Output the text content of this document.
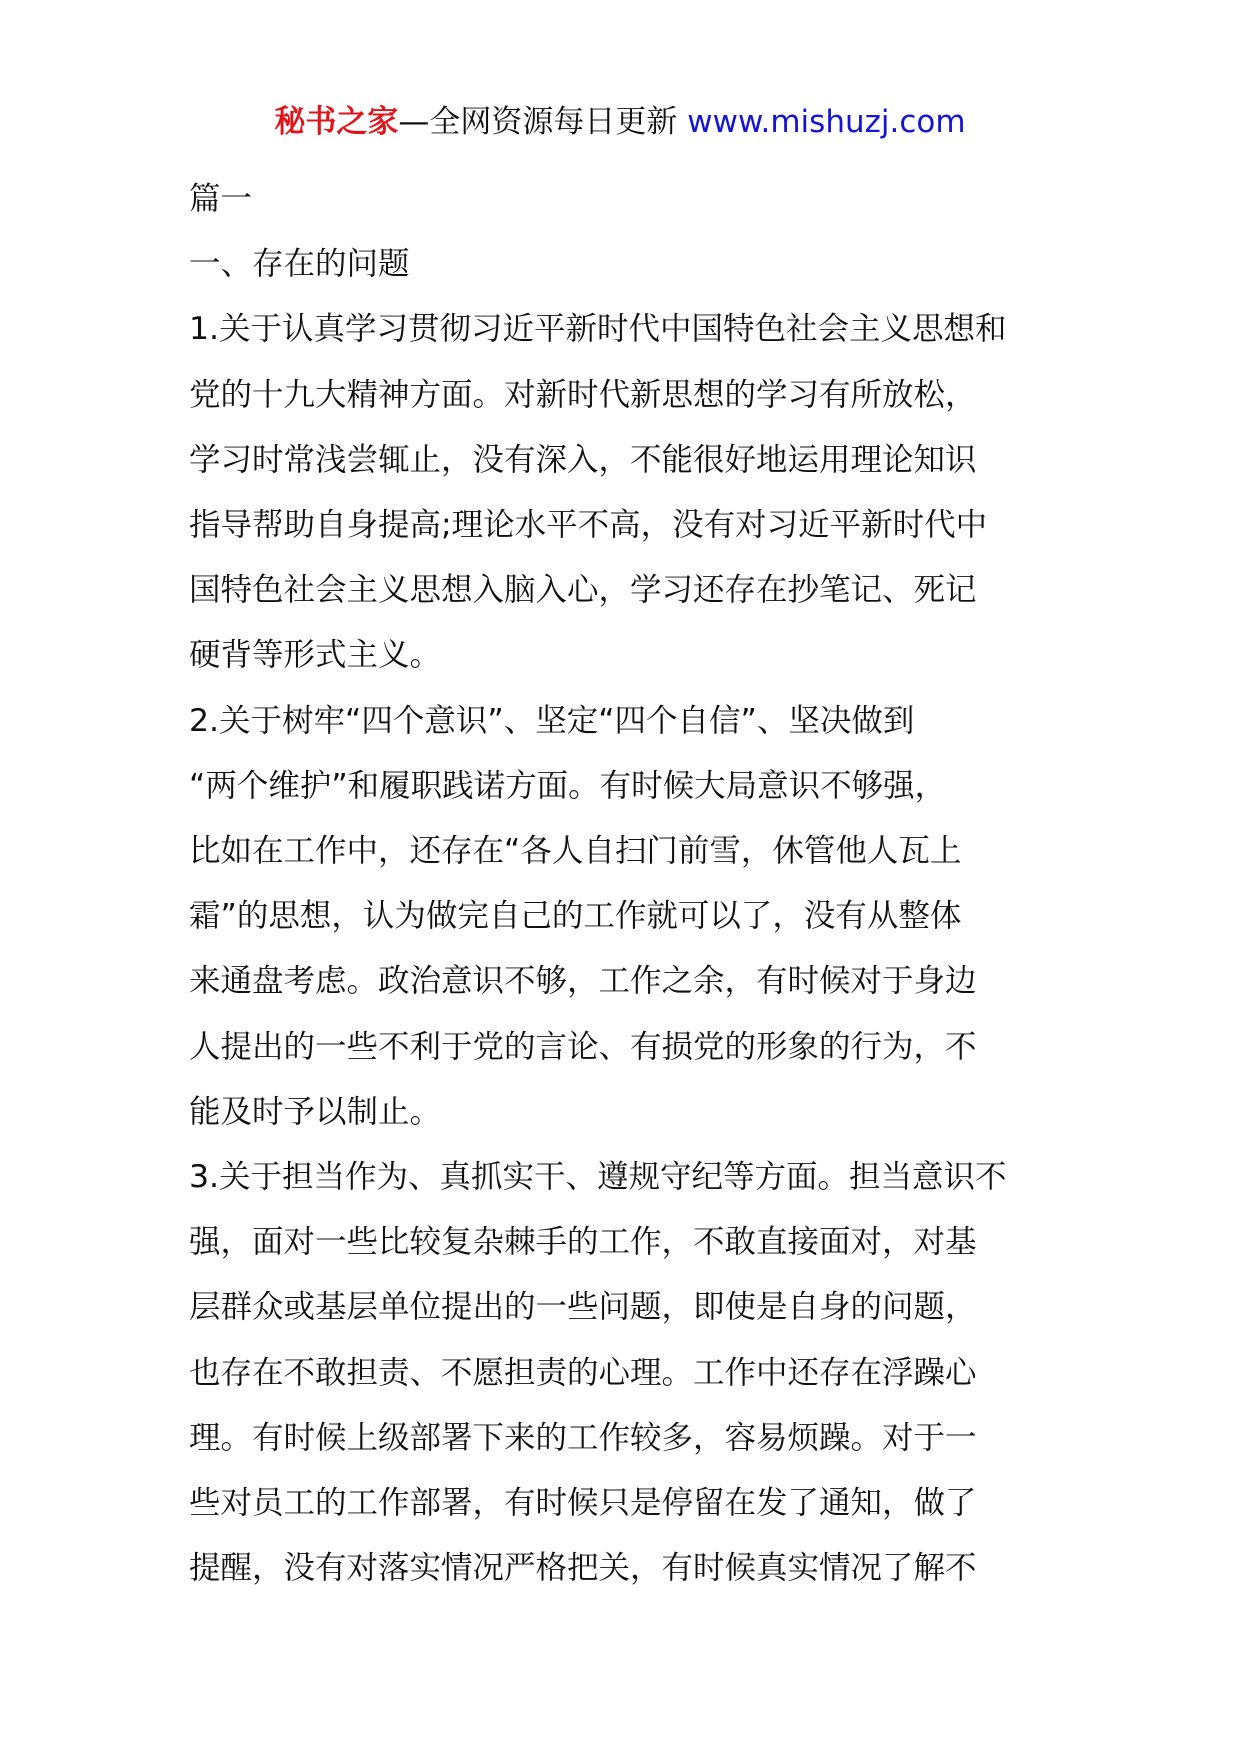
秘书之家—全网资源每日更新 www.mishuzj.com

篇一

一、存在的问题

1.关于认真学习贯彻习近平新时代中国特色社会主义思想和

党的十九大精神方面。对新时代新思想的学习有所放松，

学习时常浅尝辄止，没有深入，不能很好地运用理论知识

指导帮助自身提高;理论水平不高，没有对习近平新时代中

国特色社会主义思想入脑入心，学习还存在抄笔记、死记

硬背等形式主义。

2.关于树牢“四个意识”、坚定“四个自信”、坚决做到

“两个维护”和履职践诺方面。有时候大局意识不够强，

比如在工作中，还存在“各人自扫门前雪，休管他人瓦上

霜”的思想，认为做完自己的工作就可以了，没有从整体

来通盘考虑。政治意识不够，工作之余，有时候对于身边

人提出的一些不利于党的言论、有损党的形象的行为，不

能及时予以制止。

3.关于担当作为、真抓实干、遵规守纪等方面。担当意识不

强，面对一些比较复杂棘手的工作，不敢直接面对，对基

层群众或基层单位提出的一些问题，即使是自身的问题，

也存在不敢担责、不愿担责的心理。工作中还存在浮躁心

理。有时候上级部署下来的工作较多，容易烦躁。对于一

些对员工的工作部署，有时候只是停留在发了通知，做了

提醒，没有对落实情况严格把关，有时候真实情况了解不
